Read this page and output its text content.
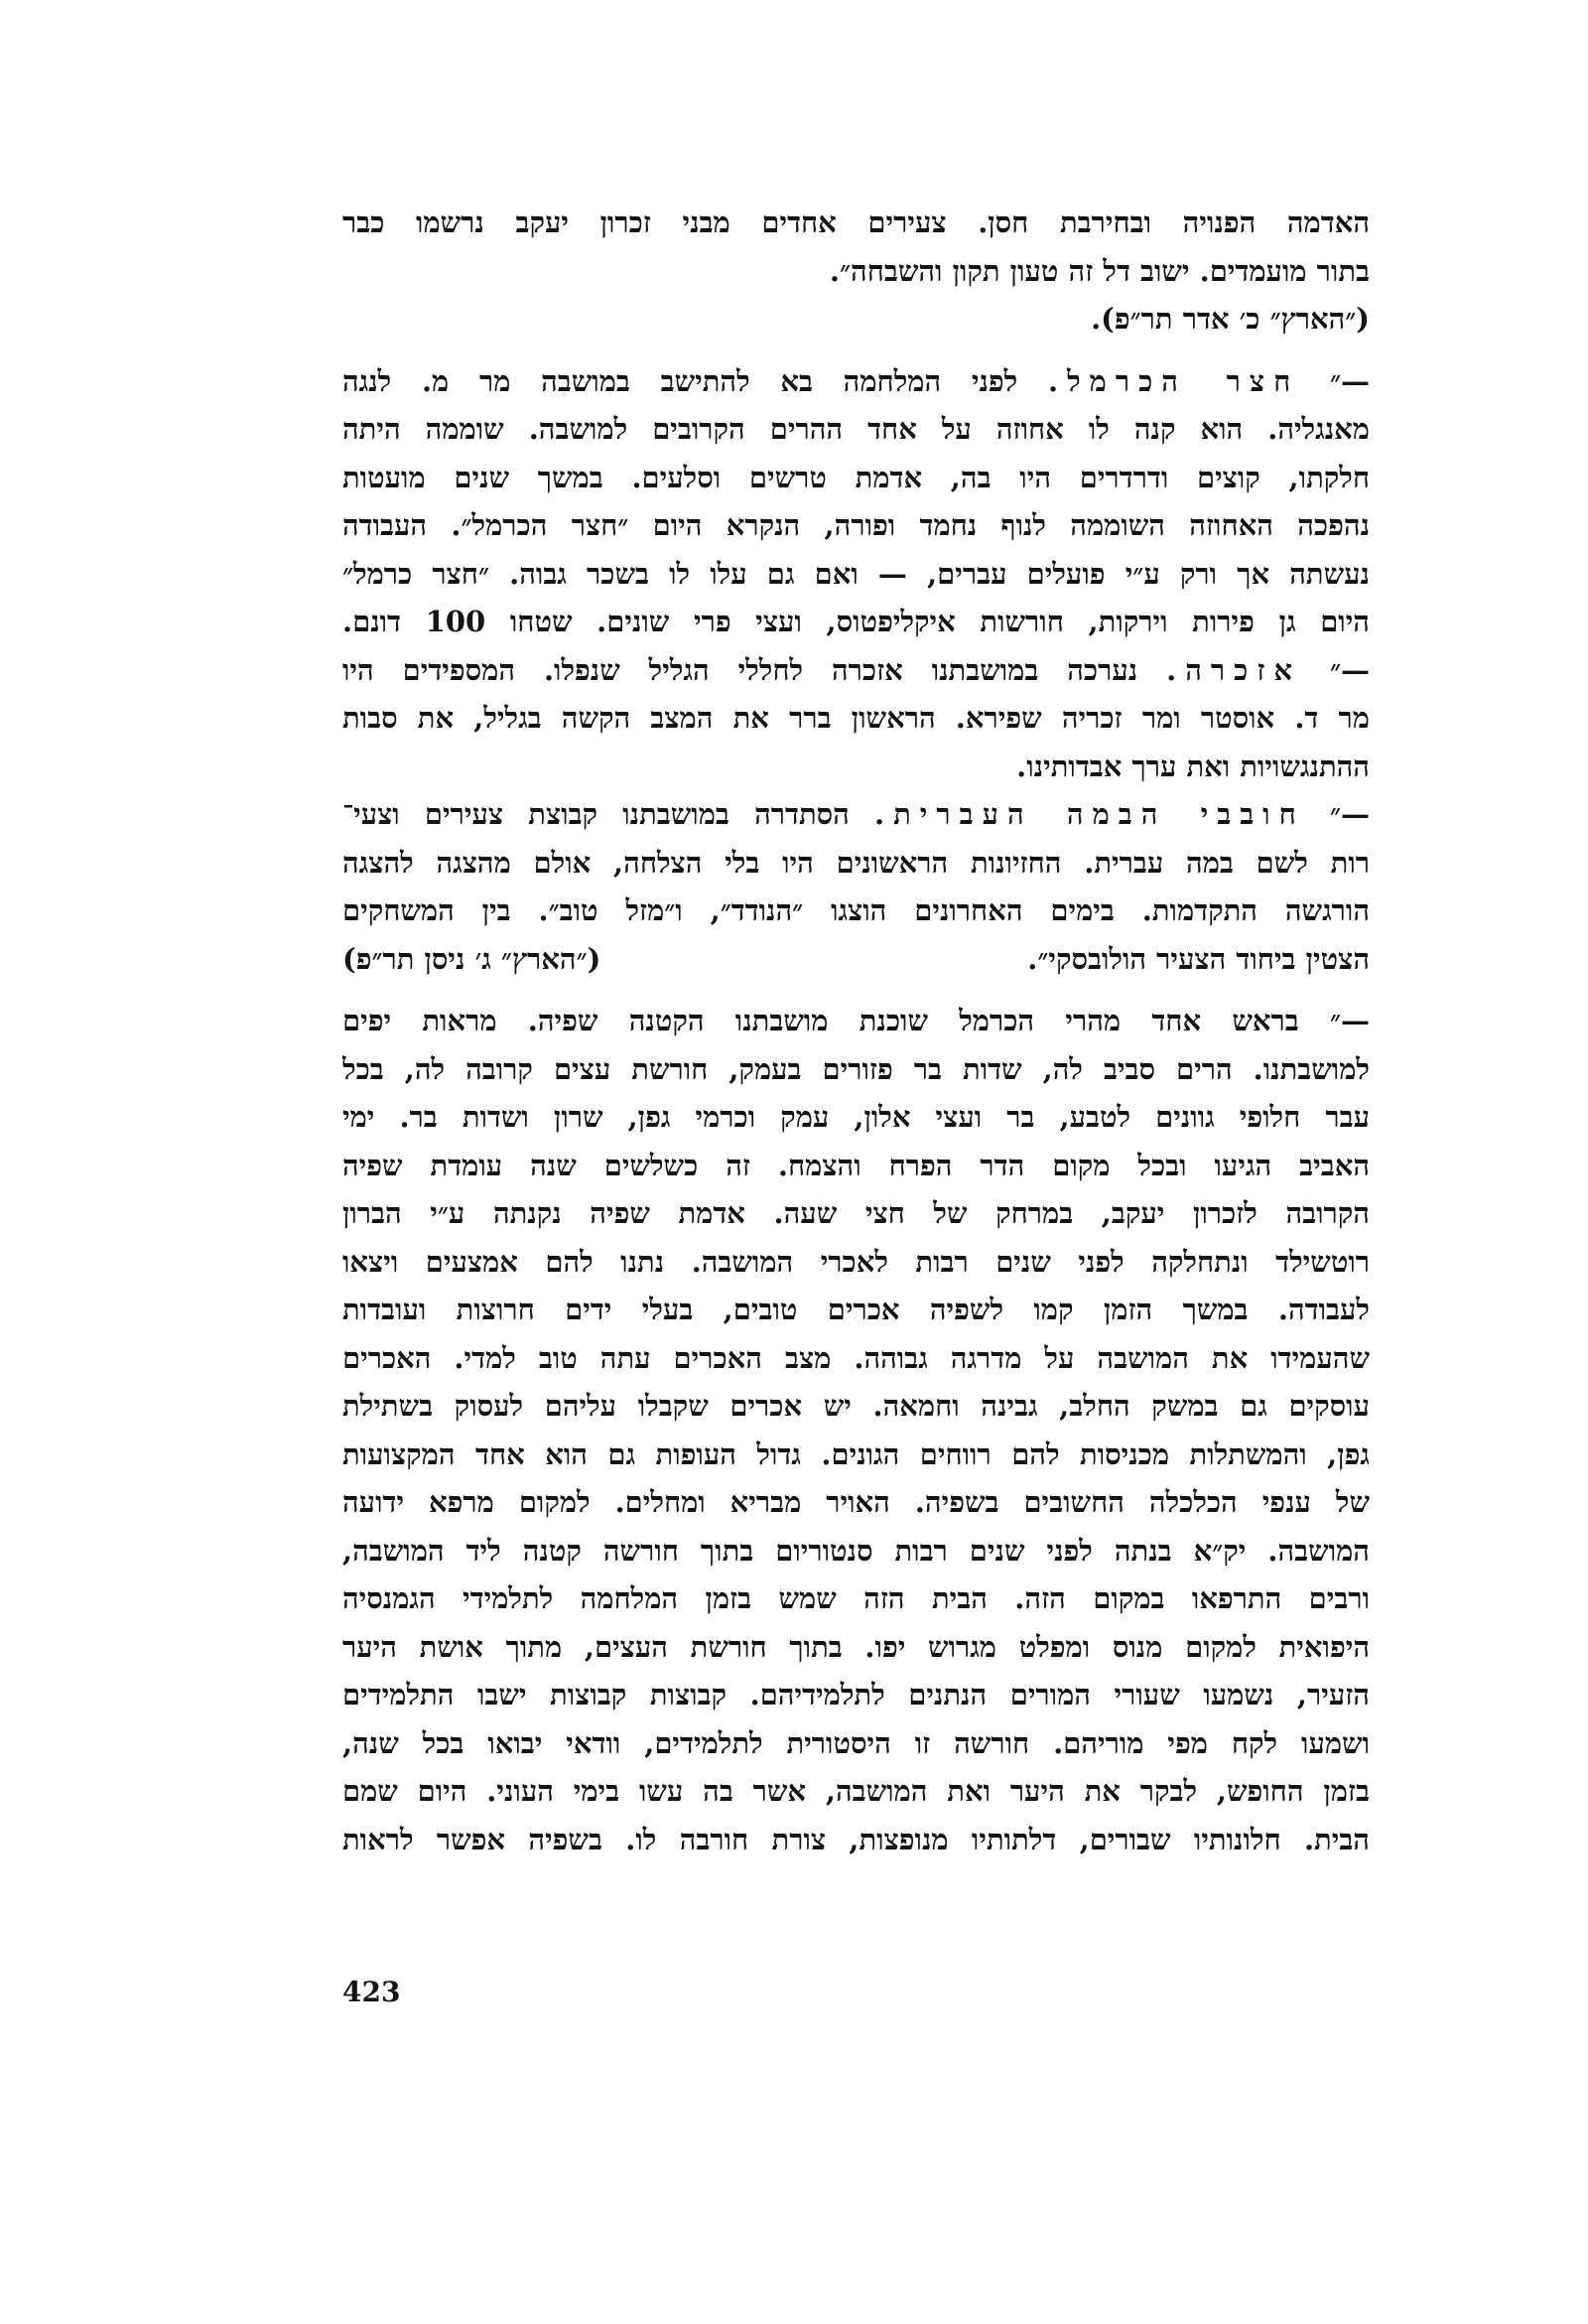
האדמה הפנויה ובחירבת חסן. צעירים אחדים מבני זכרון יעקב נרשמו כבר
בתור מועמדים. ישוב דל זה טעון תקון והשבחה״.
(״הארץ״ כ׳ אדר תר״פ).
—״ חצר הכרמל. לפני המלחמה בא להתישב במושבה מר מ. לנגה
מאנגליה. הוא קנה לו אחוזה על אחד ההרים הקרובים למושבה. שוממה היתה
חלקתו, קוצים ודרדרים היו בה, אדמת טרשים וסלעים. במשך שנים מועטות
נהפכה האחוזה השוממה לנוף נחמד ופורה, הנקרא היום ״חצר הכרמל״. העבודה
נעשתה אך ורק ע״י פועלים עברים, — ואם גם עלו לו בשכר גבוה. ״חצר כרמל״
היום גן פירות וירקות, חורשות איקליפטוס, ועצי פרי שונים. שטחו 100 דונם.
—״ אזכרה. נערכה במושבתנו אזכרה לחללי הגליל שנפלו. המספידים היו
מר ד. אוסטר ומר זכריה שפירא. הראשון ברר את המצב הקשה בגליל, את סבות
ההתנגשויות ואת ערך אבדותינו.
—״ חובבי הבמה העברית. הסתדרה במושבתנו קבוצת צעירים וצעי־
רות לשם במה עברית. החזיונות הראשונים היו בלי הצלחה, אולם מהצגה להצגה
הורגשה התקדמות. בימים האחרונים הוצגו ״הנודד״, ו״מזל טוב״. בין המשחקים
הצטין ביחוד הצעיר הולובסקי״.
(״הארץ״ ג׳ ניסן תר״פ)
—״ בראש אחד מהרי הכרמל שוכנת מושבתנו הקטנה שפיה. מראות יפים
למושבתנו. הרים סביב לה, שדות בר פזורים בעמק, חורשת עצים קרובה לה, בכל
עבר חלופי גוונים לטבע, בר ועצי אלון, עמק וכרמי גפן, שרון ושדות בר. ימי
האביב הגיעו ובכל מקום הדר הפרח והצמח. זה כשלשים שנה עומדת שפיה
הקרובה לזכרון יעקב, במרחק של חצי שעה. אדמת שפיה נקנתה ע״י הברון
רוטשילד ונתחלקה לפני שנים רבות לאכרי המושבה. נתנו להם אמצעים ויצאו
לעבודה. במשך הזמן קמו לשפיה אכרים טובים, בעלי ידים חרוצות ועובדות
שהעמידו את המושבה על מדרגה גבוהה. מצב האכרים עתה טוב למדי. האכרים
עוסקים גם במשק החלב, גבינה וחמאה. יש אכרים שקבלו עליהם לעסוק בשתילת
גפן, והמשתלות מכניסות להם רווחים הגונים. גדול העופות גם הוא אחד המקצועות
של ענפי הכלכלה החשובים בשפיה. האויר מבריא ומחלים. למקום מרפא ידועה
המושבה. יק״א בנתה לפני שנים רבות סנטוריום בתוך חורשה קטנה ליד המושבה,
ורבים התרפאו במקום הזה. הבית הזה שמש בזמן המלחמה לתלמידי הגמנסיה
היפואית למקום מנוס ומפלט מגרוש יפו. בתוך חורשת העצים, מתוך אושת היער
הזעיר, נשמעו שעורי המורים הנתנים לתלמידיהם. קבוצות קבוצות ישבו התלמידים
ושמעו לקח מפי מוריהם. חורשה זו היסטורית לתלמידים, וודאי יבואו בכל שנה,
בזמן החופש, לבקר את היער ואת המושבה, אשר בה עשו בימי העוני. היום שמם
הבית. חלונותיו שבורים, דלתותיו מנופצות, צורת חורבה לו. בשפיה אפשר לראות
423
